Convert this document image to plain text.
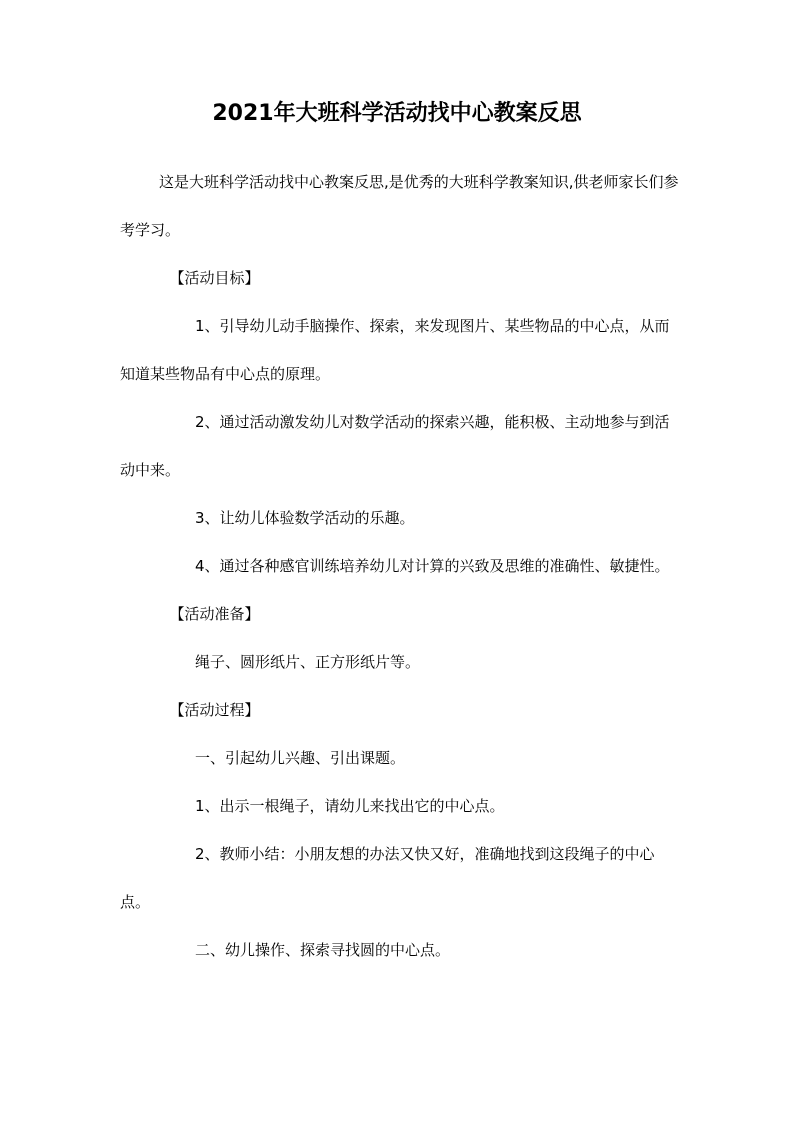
2021年大班科学活动找中心教案反思

这是大班科学活动找中心教案反思,是优秀的大班科学教案知识,供老师家长们参考学习。

【活动目标】

1、引导幼儿动手脑操作、探索，来发现图片、某些物品的中心点，从而知道某些物品有中心点的原理。

2、通过活动激发幼儿对数学活动的探索兴趣，能积极、主动地参与到活动中来。

3、让幼儿体验数学活动的乐趣。

4、通过各种感官训练培养幼儿对计算的兴致及思维的准确性、敏捷性。

【活动准备】

绳子、圆形纸片、正方形纸片等。

【活动过程】

一、引起幼儿兴趣、引出课题。

1、出示一根绳子，请幼儿来找出它的中心点。

2、教师小结：小朋友想的办法又快又好，准确地找到这段绳子的中心点。

二、幼儿操作、探索寻找圆的中心点。
